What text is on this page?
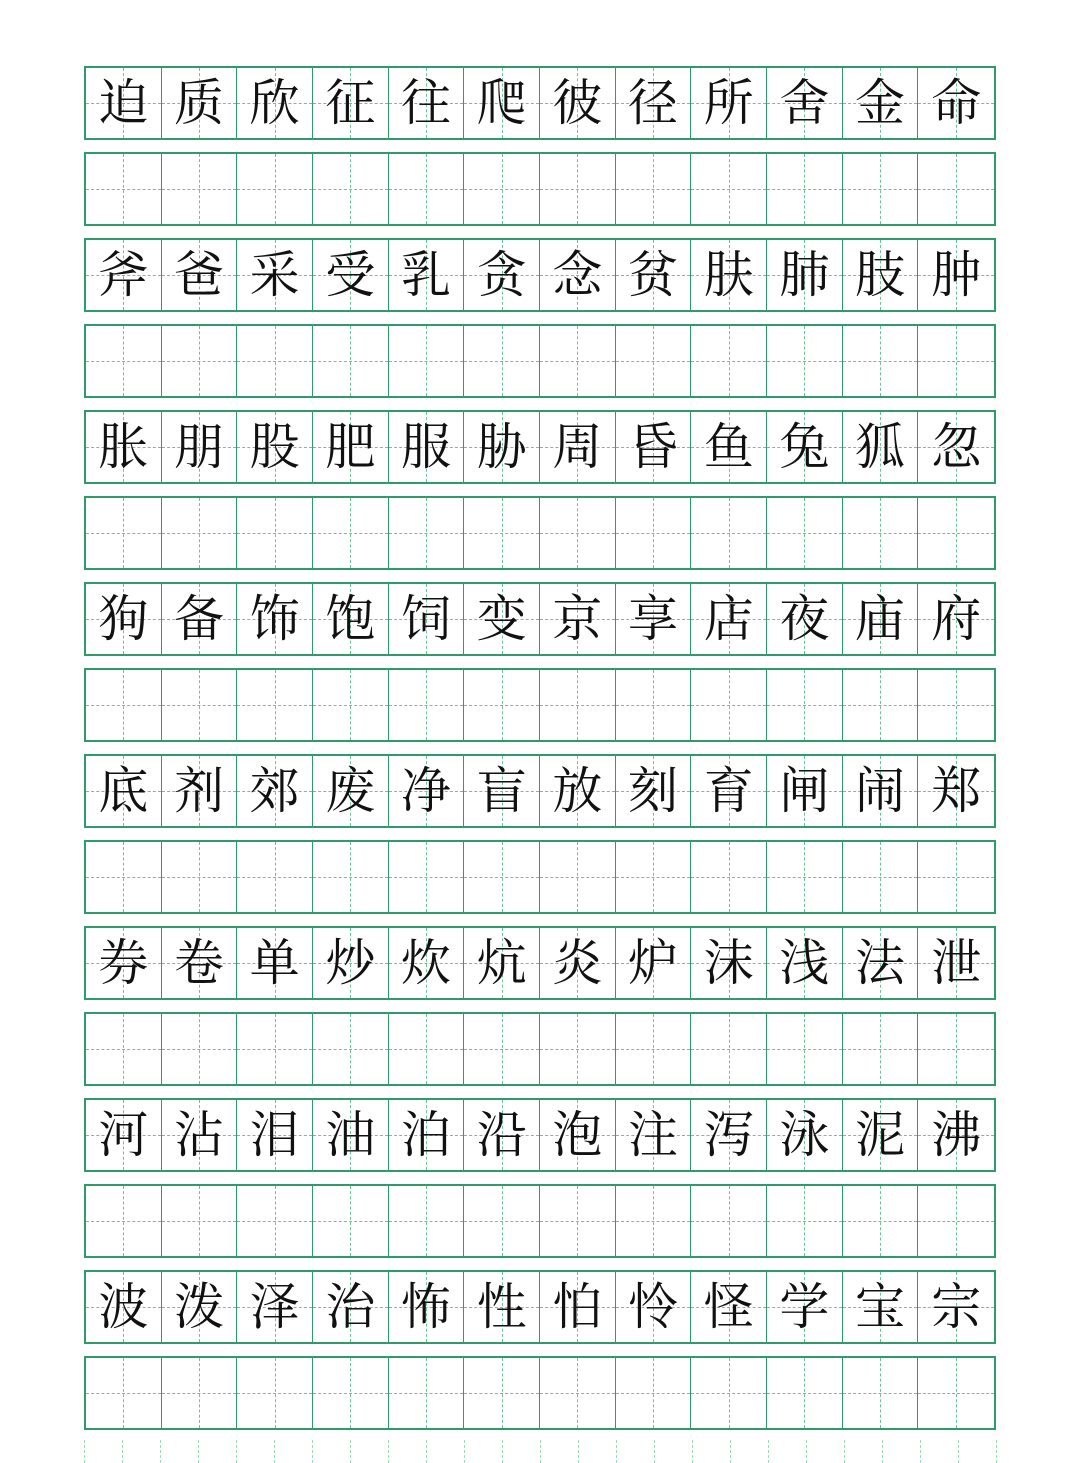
迫 质 欣 征 往 爬 彼 径 所 舍 金 命
斧 爸 采 受 乳 贪 念 贫 肤 肺 肢 肿
胀 朋 股 肥 服 胁 周 昏 鱼 兔 狐 忽
狗 备 饰 饱 饲 变 京 享 店 夜 庙 府
底 剂 郊 废 净 盲 放 刻 育 闸 闹 郑
券 卷 单 炒 炊 炕 炎 炉 沫 浅 法 泄
河 沾 泪 油 泊 沿 泡 注 泻 泳 泥 沸
波 泼 泽 治 怖 性 怕 怜 怪 学 宝 宗
